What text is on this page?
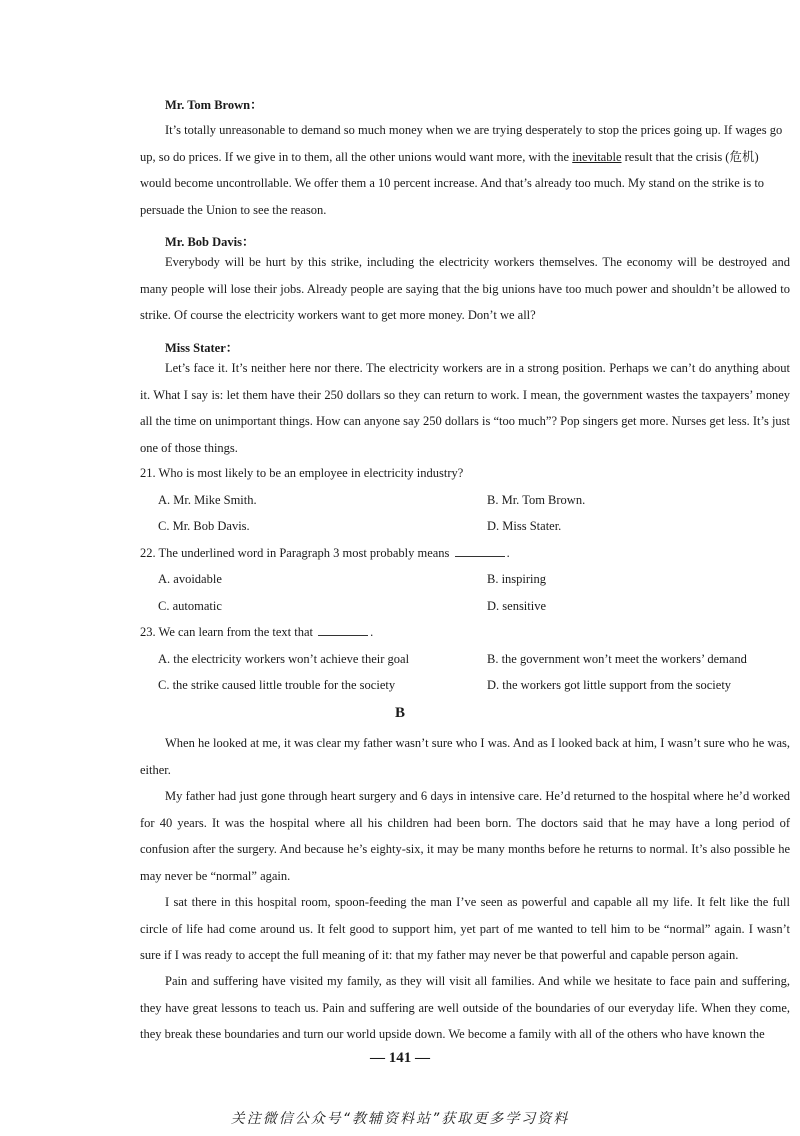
Mr. Tom Brown：
It’s totally unreasonable to demand so much money when we are trying desperately to stop the prices going up. If wages go
up, so do prices. If we give in to them, all the other unions would want more, with the inevitable result that the crisis (危机)
would become uncontrollable. We offer them a 10 percent increase. And that’s already too much. My stand on the strike is to
persuade the Union to see the reason.
Mr. Bob Davis：

Everybody will be hurt by this strike, including the electricity workers themselves. The economy will be destroyed and many people will lose their jobs. Already people are saying that the big unions have too much power and shouldn’t be allowed to strike. Of course the electricity workers want to get more money. Don’t we all?

Miss Stater：

Let’s face it. It’s neither here nor there. The electricity workers are in a strong position. Perhaps we can’t do anything about it. What I say is: let them have their 250 dollars so they can return to work. I mean, the government wastes the taxpayers’ money all the time on unimportant things. How can anyone say 250 dollars is “too much”? Pop singers get more. Nurses get less. It’s just one of those things.

21. Who is most likely to be an employee in electricity industry?
A. Mr. Mike Smith.	B. Mr. Tom Brown.
C. Mr. Bob Davis.	D. Miss Stater.
22. The underlined word in Paragraph 3 most probably means	.
A. avoidable	B. inspiring
C. automatic	D. sensitive
23. We can learn from the text that	.
A. the electricity workers won’t achieve their goal	B. the government won’t meet the workers’ demand
C. the strike caused little trouble for the society	D. the workers got little support from the society
B

When he looked at me, it was clear my father wasn’t sure who I was. And as I looked back at him, I wasn’t sure who he was, either.

My father had just gone through heart surgery and 6 days in intensive care. He’d returned to the hospital where he’d worked for 40 years. It was the hospital where all his children had been born. The doctors said that he may have a long period of confusion after the surgery. And because he’s eighty-six, it may be many months before he returns to normal. It’s also possible he may never be “normal” again.

I sat there in this hospital room, spoon-feeding the man I’ve seen as powerful and capable all my life. It felt like the full circle of life had come around us. It felt good to support him, yet part of me wanted to tell him to be “normal” again. I wasn’t sure if I was ready to accept the full meaning of it: that my father may never be that powerful and capable person again.

Pain and suffering have visited my family, as they will visit all families. And while we hesitate to face pain and suffering, they have great lessons to teach us. Pain and suffering are well outside of the boundaries of our everyday life. When they come, they break these boundaries and turn our world upside down. We become a family with all of the others who have known the

— 141 —
关注微信公众号“教辅资料站”获取更多学习资料
